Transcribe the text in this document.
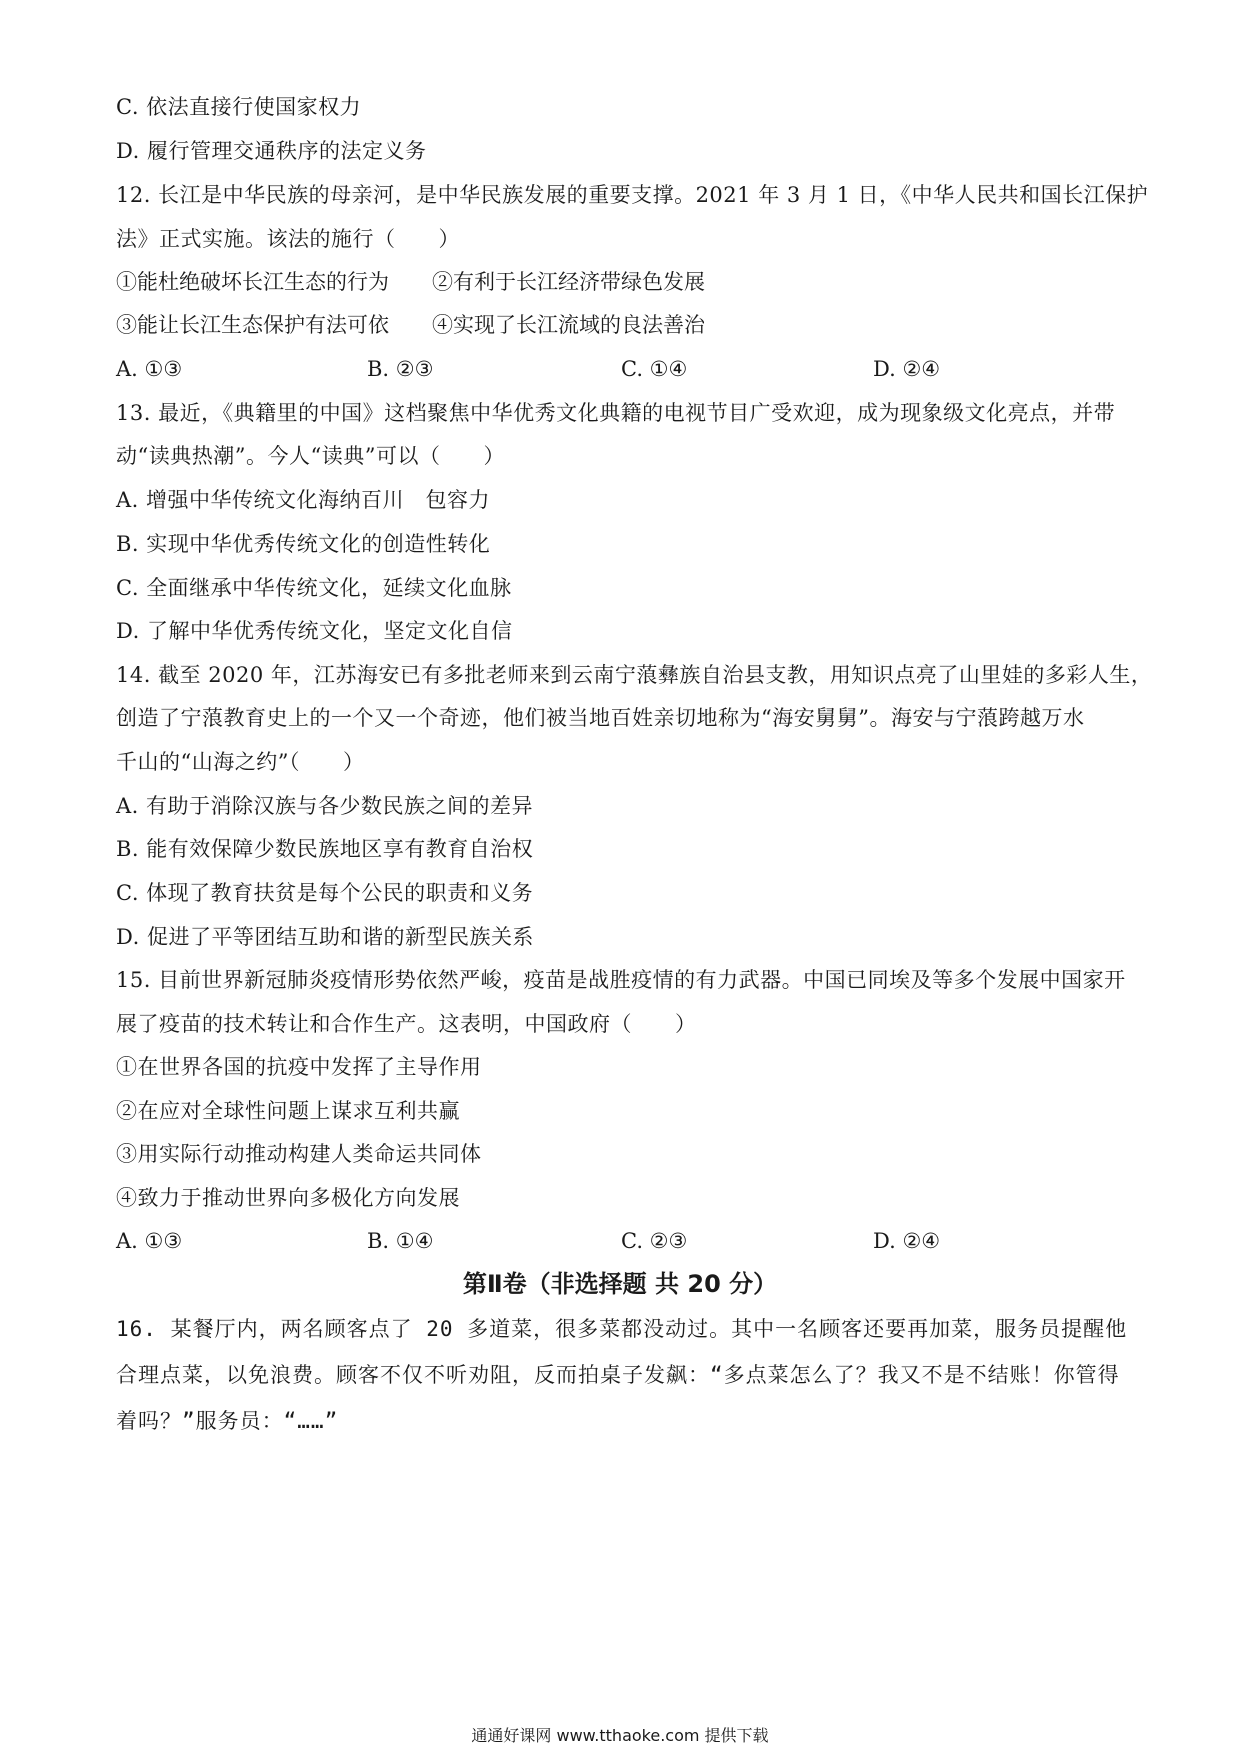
C. 依法直接行使国家权力
D. 履行管理交通秩序的法定义务
12. 长江是中华民族的母亲河，是中华民族发展的重要支撑。2021 年 3 月 1 日，《中华人民共和国长江保护
法》正式实施。该法的施行（　　）
①能杜绝破坏长江生态的行为 ②有利于长江经济带绿色发展
③能让长江生态保护有法可依 ④实现了长江流域的良法善治
A. ①③	B. ②③	C. ①④	D. ②④
13. 最近，《典籍里的中国》这档聚焦中华优秀文化典籍的电视节目广受欢迎，成为现象级文化亮点，并带
动“读典热潮”。今人“读典”可以（　　）
A. 增强中华传统文化海纳百川　包容力
B. 实现中华优秀传统文化的创造性转化
C. 全面继承中华传统文化，延续文化血脉
D. 了解中华优秀传统文化，坚定文化自信
14. 截至 2020 年，江苏海安已有多批老师来到云南宁蒗彝族自治县支教，用知识点亮了山里娃的多彩人生，
创造了宁蒗教育史上的一个又一个奇迹，他们被当地百姓亲切地称为“海安舅舅”。海安与宁蒗跨越万水
千山的“山海之约”（　　）
A. 有助于消除汉族与各少数民族之间的差异
B. 能有效保障少数民族地区享有教育自治权
C. 体现了教育扶贫是每个公民的职责和义务
D. 促进了平等团结互助和谐的新型民族关系
15. 目前世界新冠肺炎疫情形势依然严峻，疫苗是战胜疫情的有力武器。中国已同埃及等多个发展中国家开
展了疫苗的技术转让和合作生产。这表明，中国政府（　　）
①在世界各国的抗疫中发挥了主导作用
②在应对全球性问题上谋求互利共赢
③用实际行动推动构建人类命运共同体
④致力于推动世界向多极化方向发展
A. ①③	B. ①④	C. ②③	D. ②④
第Ⅱ卷（非选择题 共 20 分）
16. 某餐厅内，两名顾客点了 20 多道菜，很多菜都没动过。其中一名顾客还要再加菜，服务员提醒他
合理点菜，以免浪费。顾客不仅不听劝阻，反而拍桌子发飙：“多点菜怎么了？我又不是不结账！你管得
着吗？”服务员：“……”
通通好课网 www.tthaoke.com 提供下载
